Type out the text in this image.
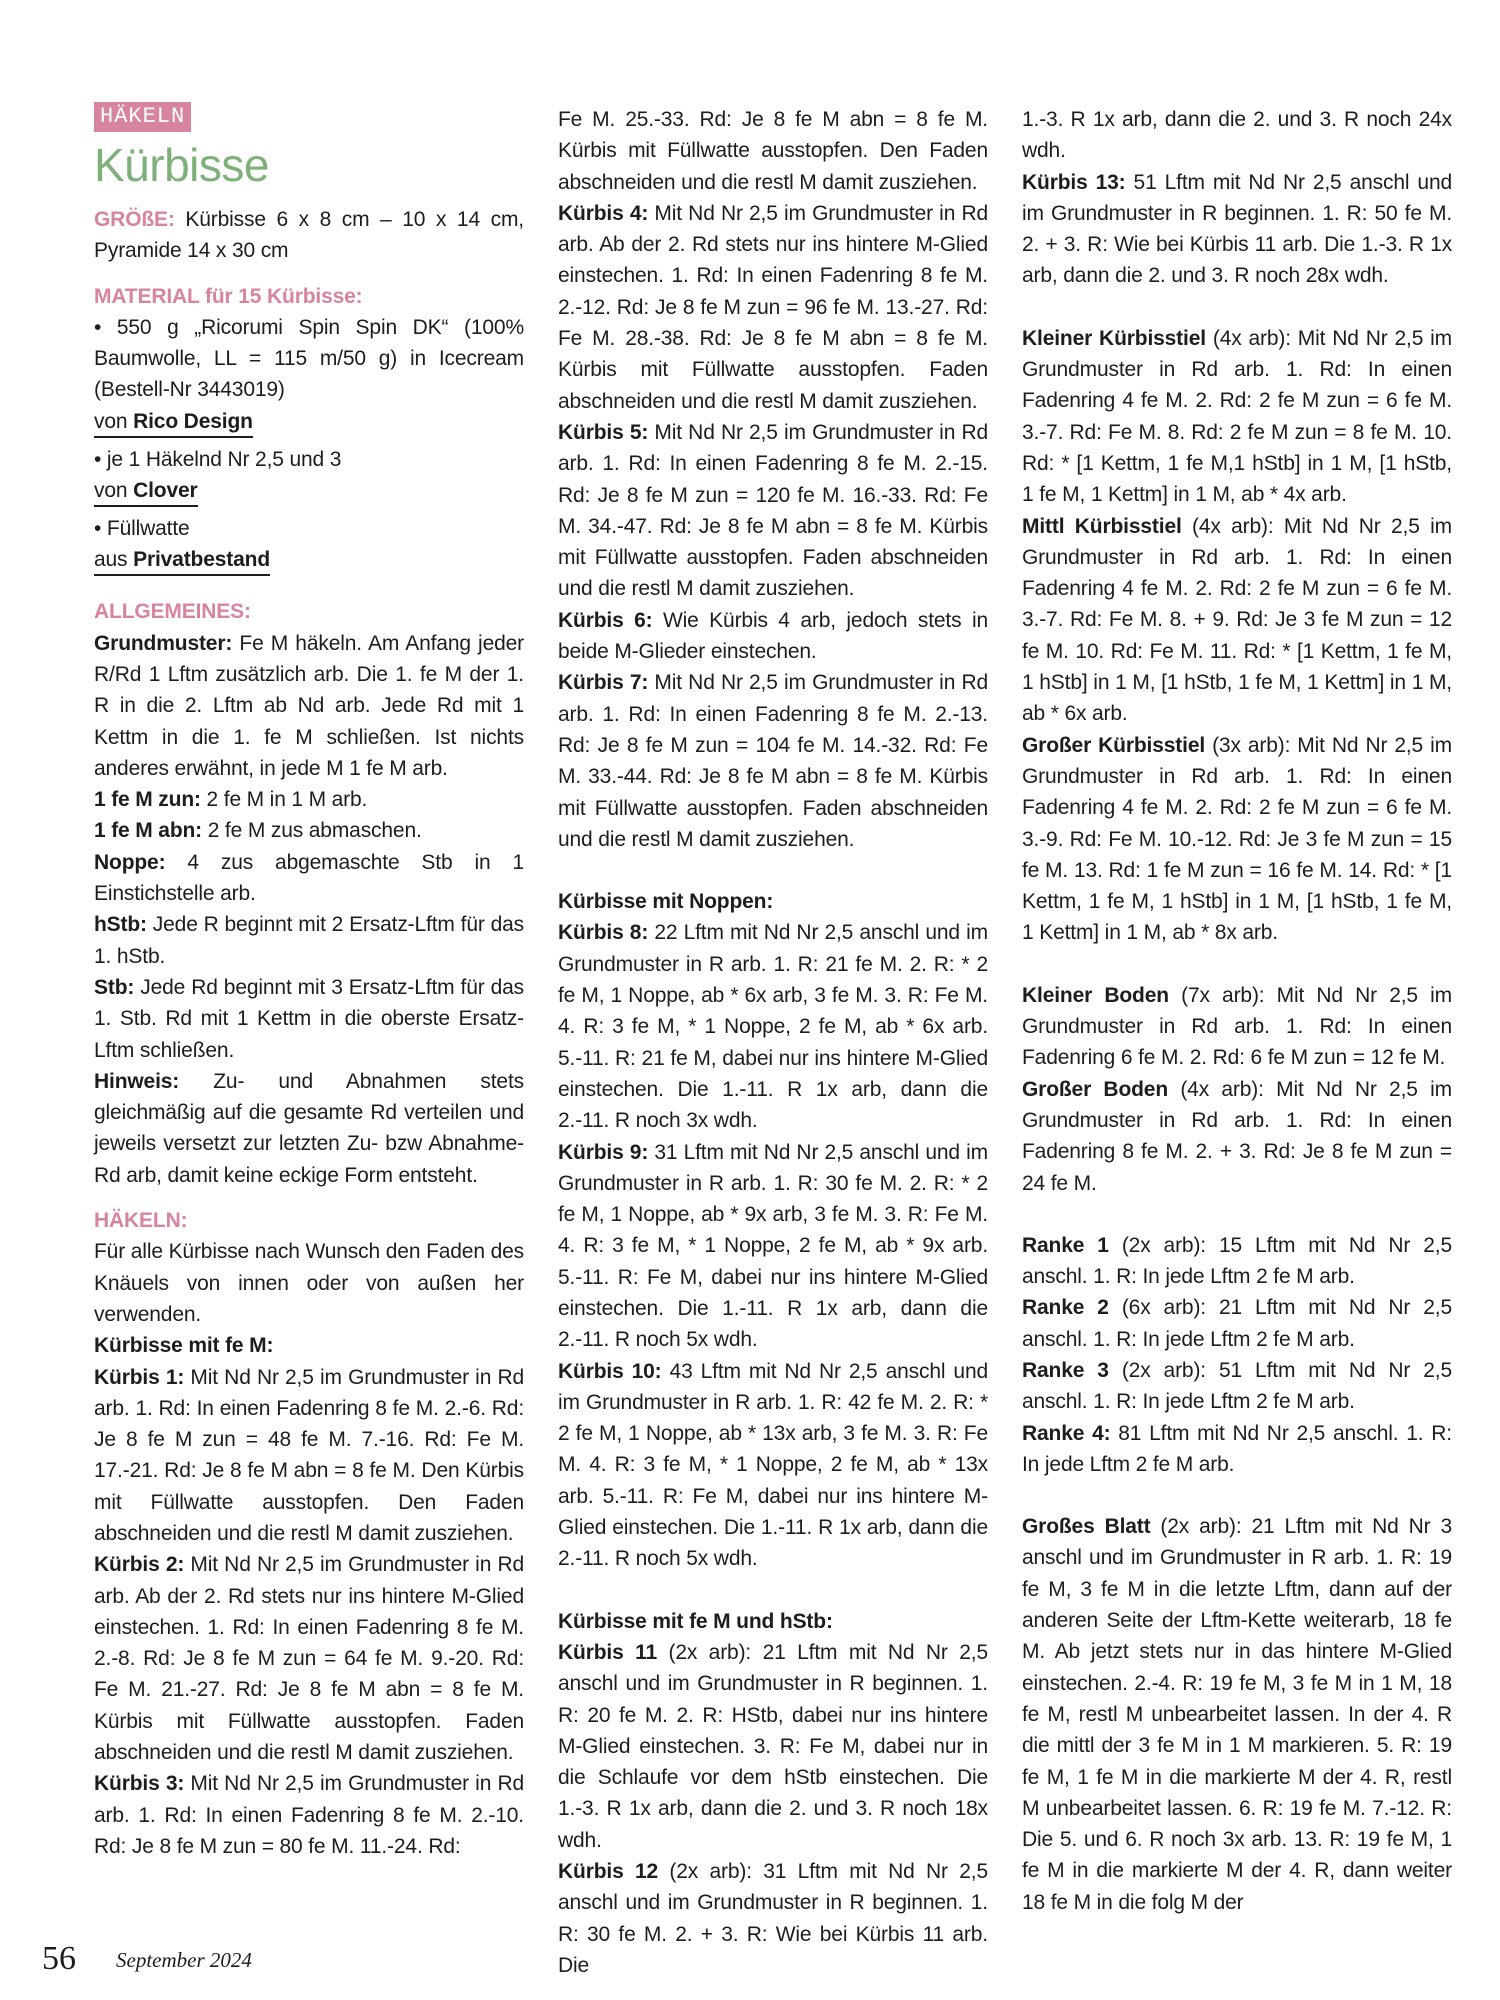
HÄKELN
Kürbisse

GRÖßE: Kürbisse 6 x 8 cm – 10 x 14 cm, Pyramide 14 x 30 cm

MATERIAL für 15 Kürbisse:

• 550 g „Ricorumi Spin Spin DK“ (100% Baumwolle, LL = 115 m/50 g) in Icecream (Bestell-Nr 3443019)

von Rico Design

• je 1 Häkelnd Nr 2,5 und 3

von Clover

• Füllwatte

aus Privatbestand

ALLGEMEINES:

Grundmuster: Fe M häkeln. Am Anfang jeder R/Rd 1 Lftm zusätzlich arb. Die 1. fe M der 1. R in die 2. Lftm ab Nd arb. Jede Rd mit 1 Kettm in die 1. fe M schließen. Ist nichts anderes erwähnt, in jede M 1 fe M arb.

1 fe M zun: 2 fe M in 1 M arb.

1 fe M abn: 2 fe M zus abmaschen.

Noppe: 4 zus abgemaschte Stb in 1 Einstichstelle arb.

hStb: Jede R beginnt mit 2 Ersatz-Lftm für das 1. hStb.

Stb: Jede Rd beginnt mit 3 Ersatz-Lftm für das 1. Stb. Rd mit 1 Kettm in die oberste Ersatz-Lftm schließen.

Hinweis: Zu- und Abnahmen stets gleichmäßig auf die gesamte Rd verteilen und jeweils versetzt zur letzten Zu- bzw Abnahme-Rd arb, damit keine eckige Form entsteht.

HÄKELN:

Für alle Kürbisse nach Wunsch den Faden des Knäuels von innen oder von außen her verwenden.

Kürbisse mit fe M:

Kürbis 1: Mit Nd Nr 2,5 im Grundmuster in Rd arb. 1. Rd: In einen Fadenring 8 fe M. 2.-6. Rd: Je 8 fe M zun = 48 fe M. 7.-16. Rd: Fe M. 17.-21. Rd: Je 8 fe M abn = 8 fe M. Den Kürbis mit Füllwatte ausstopfen. Den Faden abschneiden und die restl M damit zusziehen.

Kürbis 2: Mit Nd Nr 2,5 im Grundmuster in Rd arb. Ab der 2. Rd stets nur ins hintere M-Glied einstechen. 1. Rd: In einen Fadenring 8 fe M. 2.-8. Rd: Je 8 fe M zun = 64 fe M. 9.-20. Rd: Fe M. 21.-27. Rd: Je 8 fe M abn = 8 fe M. Kürbis mit Füllwatte ausstopfen. Faden abschneiden und die restl M damit zusziehen.

Kürbis 3: Mit Nd Nr 2,5 im Grundmuster in Rd arb. 1. Rd: In einen Fadenring 8 fe M. 2.-10. Rd: Je 8 fe M zun = 80 fe M. 11.-24. Rd:

Fe M. 25.-33. Rd: Je 8 fe M abn = 8 fe M. Kürbis mit Füllwatte ausstopfen. Den Faden abschneiden und die restl M damit zusziehen.

Kürbis 4: Mit Nd Nr 2,5 im Grundmuster in Rd arb. Ab der 2. Rd stets nur ins hintere M-Glied einstechen. 1. Rd: In einen Fadenring 8 fe M. 2.-12. Rd: Je 8 fe M zun = 96 fe M. 13.-27. Rd: Fe M. 28.-38. Rd: Je 8 fe M abn = 8 fe M. Kürbis mit Füllwatte ausstopfen. Faden abschneiden und die restl M damit zusziehen.

Kürbis 5: Mit Nd Nr 2,5 im Grundmuster in Rd arb. 1. Rd: In einen Fadenring 8 fe M. 2.-15. Rd: Je 8 fe M zun = 120 fe M. 16.-33. Rd: Fe M. 34.-47. Rd: Je 8 fe M abn = 8 fe M. Kürbis mit Füllwatte ausstopfen. Faden abschneiden und die restl M damit zusziehen.

Kürbis 6: Wie Kürbis 4 arb, jedoch stets in beide M-Glieder einstechen.

Kürbis 7: Mit Nd Nr 2,5 im Grundmuster in Rd arb. 1. Rd: In einen Fadenring 8 fe M. 2.-13. Rd: Je 8 fe M zun = 104 fe M. 14.-32. Rd: Fe M. 33.-44. Rd: Je 8 fe M abn = 8 fe M. Kürbis mit Füllwatte ausstopfen. Faden abschneiden und die restl M damit zusziehen.

Kürbisse mit Noppen:

Kürbis 8: 22 Lftm mit Nd Nr 2,5 anschl und im Grundmuster in R arb. 1. R: 21 fe M. 2. R: * 2 fe M, 1 Noppe, ab * 6x arb, 3 fe M. 3. R: Fe M. 4. R: 3 fe M, * 1 Noppe, 2 fe M, ab * 6x arb. 5.-11. R: 21 fe M, dabei nur ins hintere M-Glied einstechen. Die 1.-11. R 1x arb, dann die 2.-11. R noch 3x wdh.

Kürbis 9: 31 Lftm mit Nd Nr 2,5 anschl und im Grundmuster in R arb. 1. R: 30 fe M. 2. R: * 2 fe M, 1 Noppe, ab * 9x arb, 3 fe M. 3. R: Fe M. 4. R: 3 fe M, * 1 Noppe, 2 fe M, ab * 9x arb. 5.-11. R: Fe M, dabei nur ins hintere M-Glied einstechen. Die 1.-11. R 1x arb, dann die 2.-11. R noch 5x wdh.

Kürbis 10: 43 Lftm mit Nd Nr 2,5 anschl und im Grundmuster in R arb. 1. R: 42 fe M. 2. R: * 2 fe M, 1 Noppe, ab * 13x arb, 3 fe M. 3. R: Fe M. 4. R: 3 fe M, * 1 Noppe, 2 fe M, ab * 13x arb. 5.-11. R: Fe M, dabei nur ins hintere M-Glied einstechen. Die 1.-11. R 1x arb, dann die 2.-11. R noch 5x wdh.

Kürbisse mit fe M und hStb:

Kürbis 11 (2x arb): 21 Lftm mit Nd Nr 2,5 anschl und im Grundmuster in R beginnen. 1. R: 20 fe M. 2. R: HStb, dabei nur ins hintere M-Glied einstechen. 3. R: Fe M, dabei nur in die Schlaufe vor dem hStb einstechen. Die 1.-3. R 1x arb, dann die 2. und 3. R noch 18x wdh.

Kürbis 12 (2x arb): 31 Lftm mit Nd Nr 2,5 anschl und im Grundmuster in R beginnen. 1. R: 30 fe M. 2. + 3. R: Wie bei Kürbis 11 arb. Die

1.-3. R 1x arb, dann die 2. und 3. R noch 24x wdh.

Kürbis 13: 51 Lftm mit Nd Nr 2,5 anschl und im Grundmuster in R beginnen. 1. R: 50 fe M. 2. + 3. R: Wie bei Kürbis 11 arb. Die 1.-3. R 1x arb, dann die 2. und 3. R noch 28x wdh.

Kleiner Kürbisstiel (4x arb): Mit Nd Nr 2,5 im Grundmuster in Rd arb. 1. Rd: In einen Fadenring 4 fe M. 2. Rd: 2 fe M zun = 6 fe M. 3.-7. Rd: Fe M. 8. Rd: 2 fe M zun = 8 fe M. 10. Rd: * [1 Kettm, 1 fe M,1 hStb] in 1 M, [1 hStb, 1 fe M, 1 Kettm] in 1 M, ab * 4x arb.

Mittl Kürbisstiel (4x arb): Mit Nd Nr 2,5 im Grundmuster in Rd arb. 1. Rd: In einen Fadenring 4 fe M. 2. Rd: 2 fe M zun = 6 fe M. 3.-7. Rd: Fe M. 8. + 9. Rd: Je 3 fe M zun = 12 fe M. 10. Rd: Fe M. 11. Rd: * [1 Kettm, 1 fe M, 1 hStb] in 1 M, [1 hStb, 1 fe M, 1 Kettm] in 1 M, ab * 6x arb.

Großer Kürbisstiel (3x arb): Mit Nd Nr 2,5 im Grundmuster in Rd arb. 1. Rd: In einen Fadenring 4 fe M. 2. Rd: 2 fe M zun = 6 fe M. 3.-9. Rd: Fe M. 10.-12. Rd: Je 3 fe M zun = 15 fe M. 13. Rd: 1 fe M zun = 16 fe M. 14. Rd: * [1 Kettm, 1 fe M, 1 hStb] in 1 M, [1 hStb, 1 fe M, 1 Kettm] in 1 M, ab * 8x arb.

Kleiner Boden (7x arb): Mit Nd Nr 2,5 im Grundmuster in Rd arb. 1. Rd: In einen Fadenring 6 fe M. 2. Rd: 6 fe M zun = 12 fe M.

Großer Boden (4x arb): Mit Nd Nr 2,5 im Grundmuster in Rd arb. 1. Rd: In einen Fadenring 8 fe M. 2. + 3. Rd: Je 8 fe M zun = 24 fe M.

Ranke 1 (2x arb): 15 Lftm mit Nd Nr 2,5 anschl. 1. R: In jede Lftm 2 fe M arb.

Ranke 2 (6x arb): 21 Lftm mit Nd Nr 2,5 anschl. 1. R: In jede Lftm 2 fe M arb.

Ranke 3 (2x arb): 51 Lftm mit Nd Nr 2,5 anschl. 1. R: In jede Lftm 2 fe M arb.

Ranke 4: 81 Lftm mit Nd Nr 2,5 anschl. 1. R: In jede Lftm 2 fe M arb.

Großes Blatt (2x arb): 21 Lftm mit Nd Nr 3 anschl und im Grundmuster in R arb. 1. R: 19 fe M, 3 fe M in die letzte Lftm, dann auf der anderen Seite der Lftm-Kette weiterarb, 18 fe M. Ab jetzt stets nur in das hintere M-Glied einstechen. 2.-4. R: 19 fe M, 3 fe M in 1 M, 18 fe M, restl M unbearbeitet lassen. In der 4. R die mittl der 3 fe M in 1 M markieren. 5. R: 19 fe M, 1 fe M in die markierte M der 4. R, restl M unbearbeitet lassen. 6. R: 19 fe M. 7.-12. R: Die 5. und 6. R noch 3x arb. 13. R: 19 fe M, 1 fe M in die markierte M der 4. R, dann weiter 18 fe M in die folg M der

56 September 2024
